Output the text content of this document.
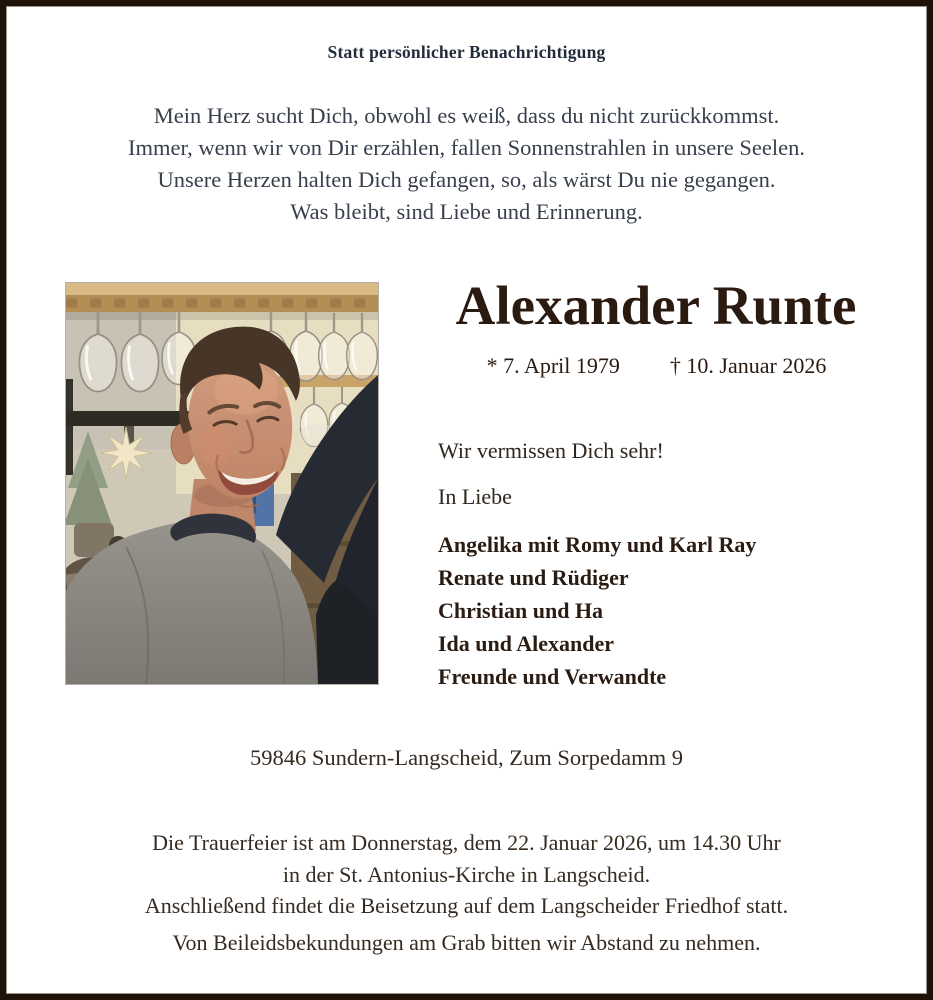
Statt persönlicher Benachrichtigung
Mein Herz sucht Dich, obwohl es weiß, dass du nicht zurückkommst.
Immer, wenn wir von Dir erzählen, fallen Sonnenstrahlen in unsere Seelen.
Unsere Herzen halten Dich gefangen, so, als wärst Du nie gegangen.
Was bleibt, sind Liebe und Erinnerung.
Alexander Runte
* 7. April 1979 † 10. Januar 2026
Wir vermissen Dich sehr!
In Liebe
Angelika mit Romy und Karl Ray
Renate und Rüdiger
Christian und Ha
Ida und Alexander
Freunde und Verwandte
59846 Sundern-Langscheid, Zum Sorpedamm 9
Die Trauerfeier ist am Donnerstag, dem 22. Januar 2026, um 14.30 Uhr
in der St. Antonius-Kirche in Langscheid.
Anschließend findet die Beisetzung auf dem Langscheider Friedhof statt.
Von Beileidsbekundungen am Grab bitten wir Abstand zu nehmen.
